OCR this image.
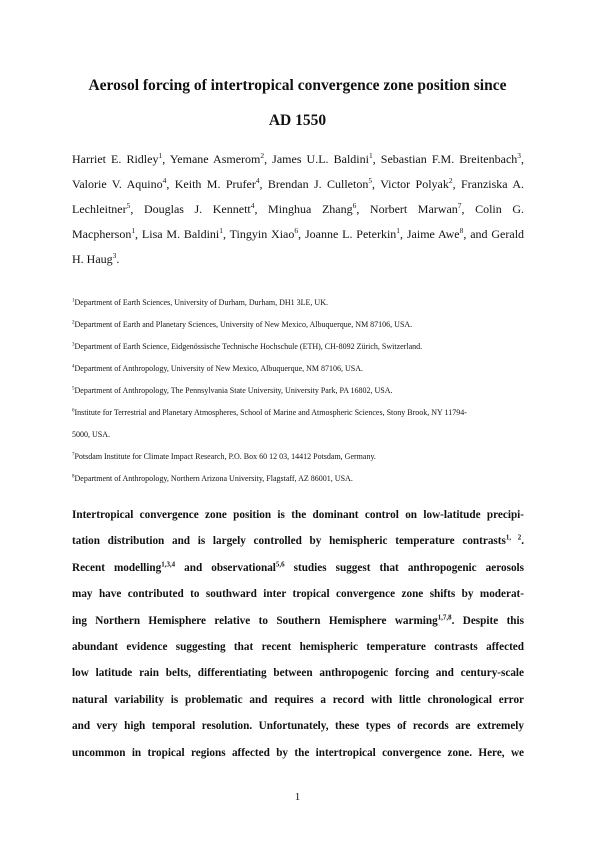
Aerosol forcing of intertropical convergence zone position since
AD 1550
Harriet E. Ridley$^1$, Yemane Asmerom$^2$, James U.L. Baldini$^1$, Sebastian F.M. Breitenbach$^3$, Valorie V. Aquino$^4$, Keith M. Prufer$^4$, Brendan J. Culleton$^5$, Victor Polyak$^2$, Franziska A. Lechleitner$^5$, Douglas J. Kennett$^4$, Minghua Zhang$^6$, Norbert Marwan$^7$, Colin G. Macpherson$^1$, Lisa M. Baldini$^1$, Tingyin Xiao$^6$, Joanne L. Peterkin$^1$, Jaime Awe$^8$, and Gerald H. Haug$^3$.
$^1$Department of Earth Sciences, University of Durham, Durham, DH1 3LE, UK.
$^2$Department of Earth and Planetary Sciences, University of New Mexico, Albuquerque, NM 87106, USA.
$^3$Department of Earth Science, Eidgenössische Technische Hochschule (ETH), CH-8092 Zürich, Switzerland.
$^4$Department of Anthropology, University of New Mexico, Albuquerque, NM 87106, USA.
$^5$Department of Anthropology, The Pennsylvania State University, University Park, PA 16802, USA.
$^6$Institute for Terrestrial and Planetary Atmospheres, School of Marine and Atmospheric Sciences, Stony Brook, NY 11794-
5000, USA.
$^7$Potsdam Institute for Climate Impact Research, P.O. Box 60 12 03, 14412 Potsdam, Germany.
$^8$Department of Anthropology, Northern Arizona University, Flagstaff, AZ 86001, USA.
Intertropical convergence zone position is the dominant control on low-latitude precipi-
tation distribution and is largely controlled by hemispheric temperature contrasts$^{1, 2}$.
Recent modelling$^{1,3,4}$ and observational$^{5,6}$ studies suggest that anthropogenic aerosols
may have contributed to southward inter tropical convergence zone shifts by moderat-
ing Northern Hemisphere relative to Southern Hemisphere warming$^{1,7,8}$. Despite this
abundant evidence suggesting that recent hemispheric temperature contrasts affected
low latitude rain belts, differentiating between anthropogenic forcing and century-scale
natural variability is problematic and requires a record with little chronological error
and very high temporal resolution. Unfortunately, these types of records are extremely
uncommon in tropical regions affected by the intertropical convergence zone. Here, we
1
